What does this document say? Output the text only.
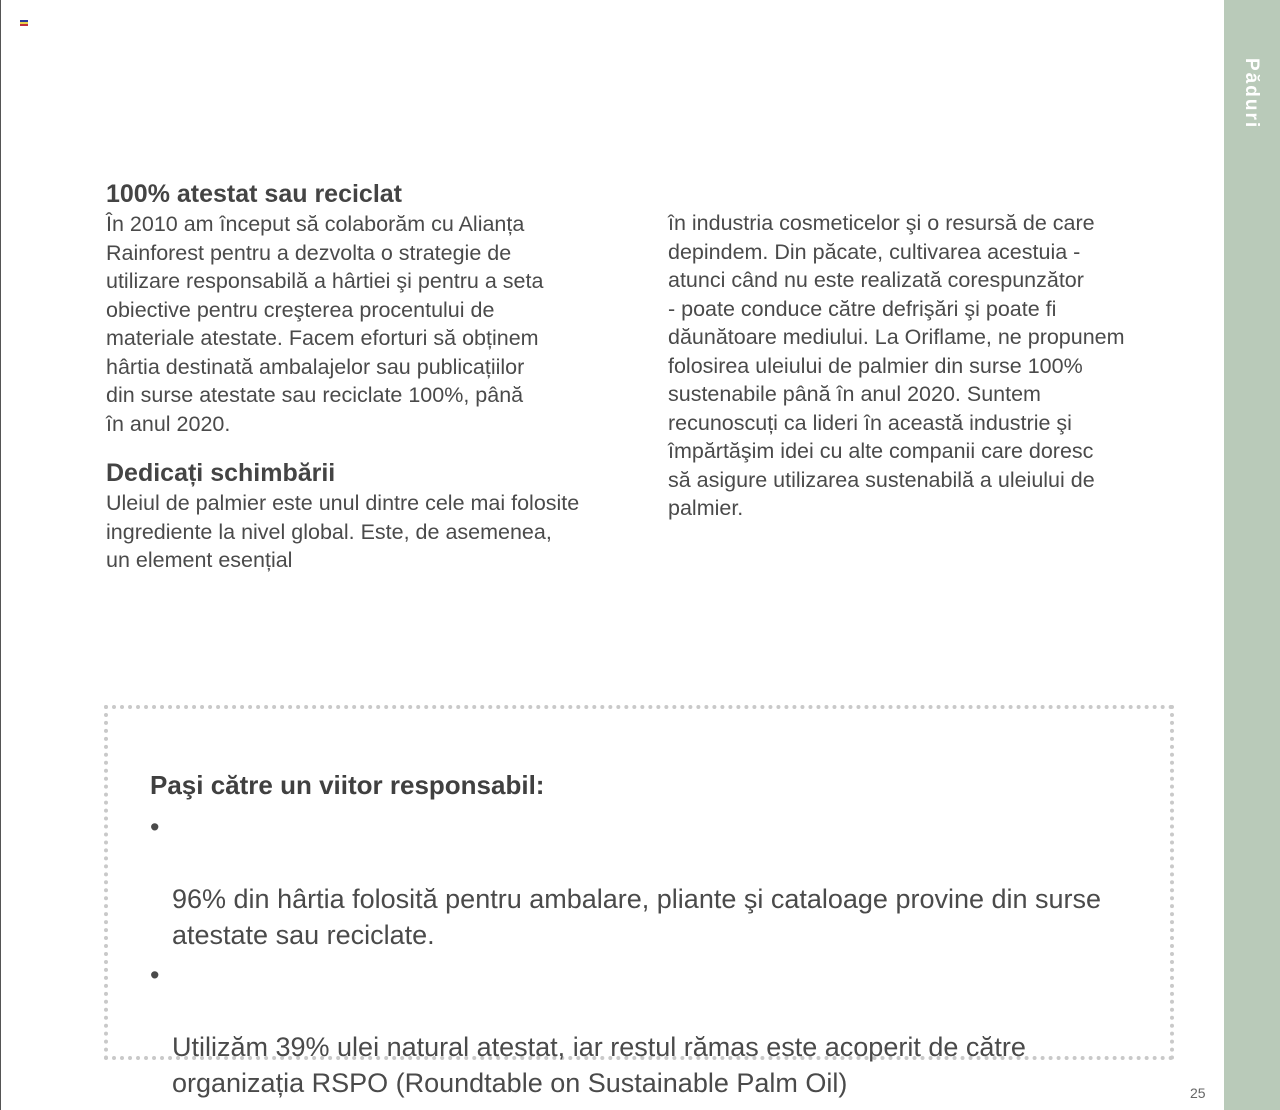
Păduri
100% atestat sau reciclat

În 2010 am început să colaborăm cu Alianța
Rainforest pentru a dezvolta o strategie de
utilizare responsabilă a hârtiei şi pentru a seta
obiective pentru creşterea procentului de
materiale atestate. Facem eforturi să obținem
hârtia destinată ambalajelor sau publicațiilor
din surse atestate sau reciclate 100%, până
în anul 2020.

Dedicați schimbării

Uleiul de palmier este unul dintre cele mai folosite
ingrediente la nivel global. Este, de asemenea,
un element esențial

în industria cosmeticelor şi o resursă de care
depindem. Din păcate, cultivarea acestuia -
atunci când nu este realizată corespunzător
- poate conduce către defrişări şi poate fi
dăunătoare mediului. La Oriflame, ne propunem
folosirea uleiului de palmier din surse 100%
sustenabile până în anul 2020. Suntem
recunoscuți ca lideri în această industrie şi
împărtăşim idei cu alte companii care doresc
să asigure utilizarea sustenabilă a uleiului de
palmier.

Paşi către un viitor responsabil:

•

96% din hârtia folosită pentru ambalare, pliante şi cataloage provine din surse
atestate sau reciclate.

•

Utilizăm 39% ulei natural atestat, iar restul rămas este acoperit de către
organizația RSPO (Roundtable on Sustainable Palm Oil)	25
